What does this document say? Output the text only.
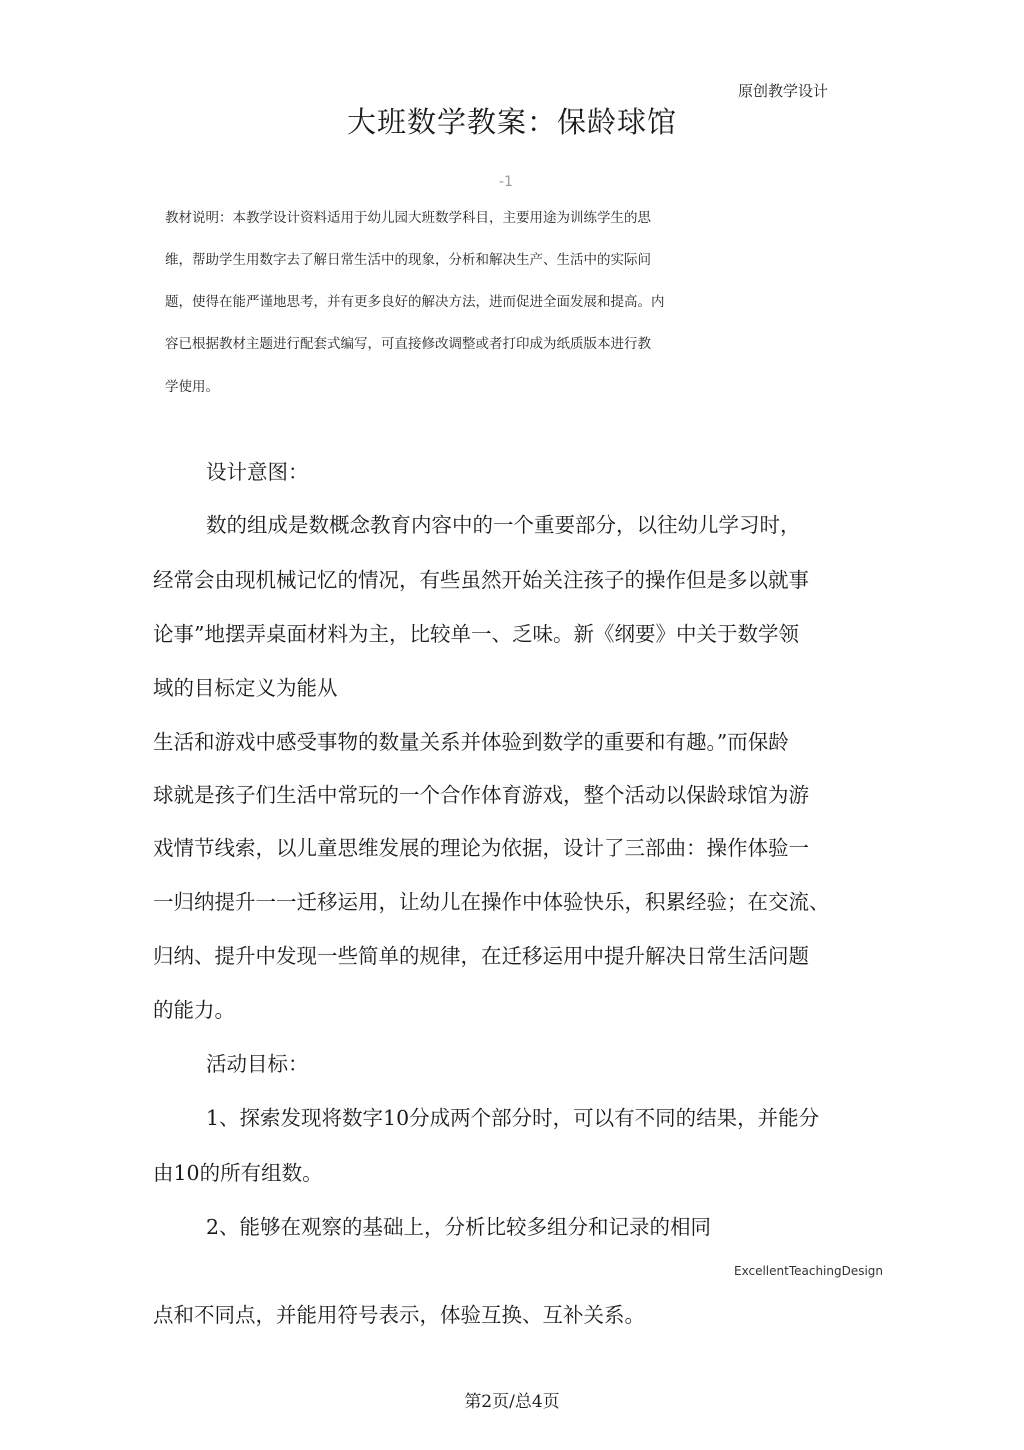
原创教学设计
大班数学教案：保龄球馆
-1
教材说明：本教学设计资料适用于幼儿园大班数学科目，主要用途为训练学生的思
维，帮助学生用数字去了解日常生活中的现象，分析和解决生产、生活中的实际问
题，使得在能严谨地思考，并有更多良好的解决方法，进而促进全面发展和提高。内
容已根据教材主题进行配套式编写，可直接修改调整或者打印成为纸质版本进行教
学使用。
设计意图：
数的组成是数概念教育内容中的一个重要部分，以往幼儿学习时，
经常会由现机械记忆的情况，有些虽然开始关注孩子的操作但是多以就事
论事”地摆弄桌面材料为主，比较单一、乏味。新《纲要》中关于数学领
域的目标定义为能从
生活和游戏中感受事物的数量关系并体验到数学的重要和有趣。”而保龄
球就是孩子们生活中常玩的一个合作体育游戏，整个活动以保龄球馆为游
戏情节线索，以儿童思维发展的理论为依据，设计了三部曲：操作体验一
一归纳提升一一迁移运用，让幼儿在操作中体验快乐，积累经验；在交流、
归纳、提升中发现一些简单的规律，在迁移运用中提升解决日常生活问题
的能力。
活动目标：
1、探索发现将数字10分成两个部分时，可以有不同的结果，并能分
由10的所有组数。
2、能够在观察的基础上，分析比较多组分和记录的相同
ExcellentTeachingDesign
点和不同点，并能用符号表示，体验互换、互补关系。
第2页/总4页
